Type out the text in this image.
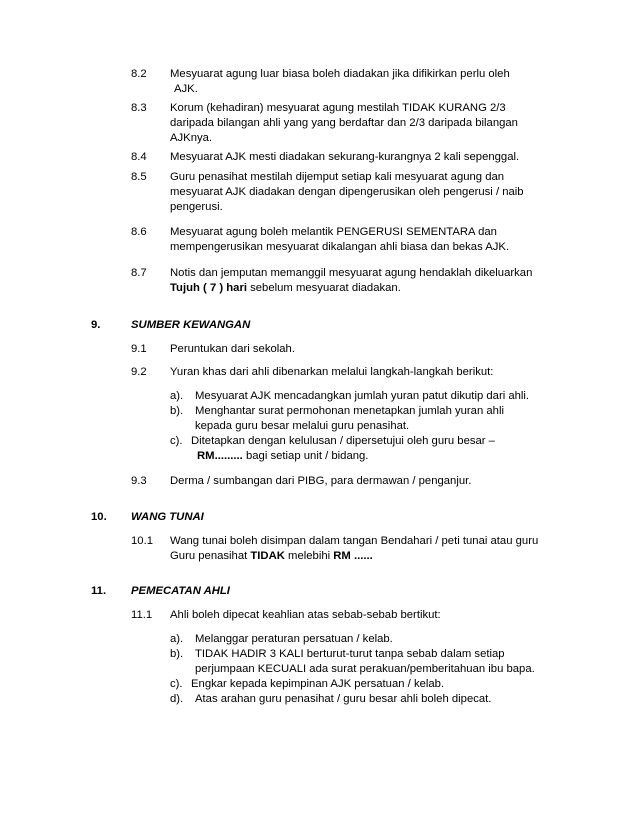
8.2 Mesyuarat agung luar biasa boleh diadakan jika difikirkan perlu oleh
AJK.
8.3 Korum (kehadiran) mesyuarat agung mestilah TIDAK KURANG 2/3
daripada bilangan ahli yang yang berdaftar dan 2/3 daripada bilangan
AJKnya.
8.4 Mesyuarat AJK mesti diadakan sekurang-kurangnya 2 kali sepenggal.
8.5 Guru penasihat mestilah dijemput setiap kali mesyuarat agung dan
mesyuarat AJK diadakan dengan dipengerusikan oleh pengerusi / naib
pengerusi.
8.6 Mesyuarat agung boleh melantik PENGERUSI SEMENTARA dan
mempengerusikan mesyuarat dikalangan ahli biasa dan bekas AJK.
8.7 Notis dan jemputan memanggil mesyuarat agung hendaklah dikeluarkan
Tujuh ( 7 ) hari sebelum mesyuarat diadakan.
9.	SUMBER KEWANGAN
9.1 Peruntukan dari sekolah.
9.2 Yuran khas dari ahli dibenarkan melalui langkah-langkah berikut:
a). Mesyuarat AJK mencadangkan jumlah yuran patut dikutip dari ahli.
b). Menghantar surat permohonan menetapkan jumlah yuran ahli
kepada guru besar melalui guru penasihat.
c). Ditetapkan dengan kelulusan / dipersetujui oleh guru besar –
RM......... bagi setiap unit / bidang.
9.3 Derma / sumbangan dari PIBG, para dermawan / penganjur.
10. WANG TUNAI
10.1 Wang tunai boleh disimpan dalam tangan Bendahari / peti tunai atau guru
Guru penasihat TIDAK melebihi RM ......
11. PEMECATAN AHLI
11.1 Ahli boleh dipecat keahlian atas sebab-sebab bertikut:
a). Melanggar peraturan persatuan / kelab.
b). TIDAK HADIR 3 KALI berturut-turut tanpa sebab dalam setiap
perjumpaan KECUALI ada surat perakuan/pemberitahuan ibu bapa.
c). Engkar kepada kepimpinan AJK persatuan / kelab.
d). Atas arahan guru penasihat / guru besar ahli boleh dipecat.
